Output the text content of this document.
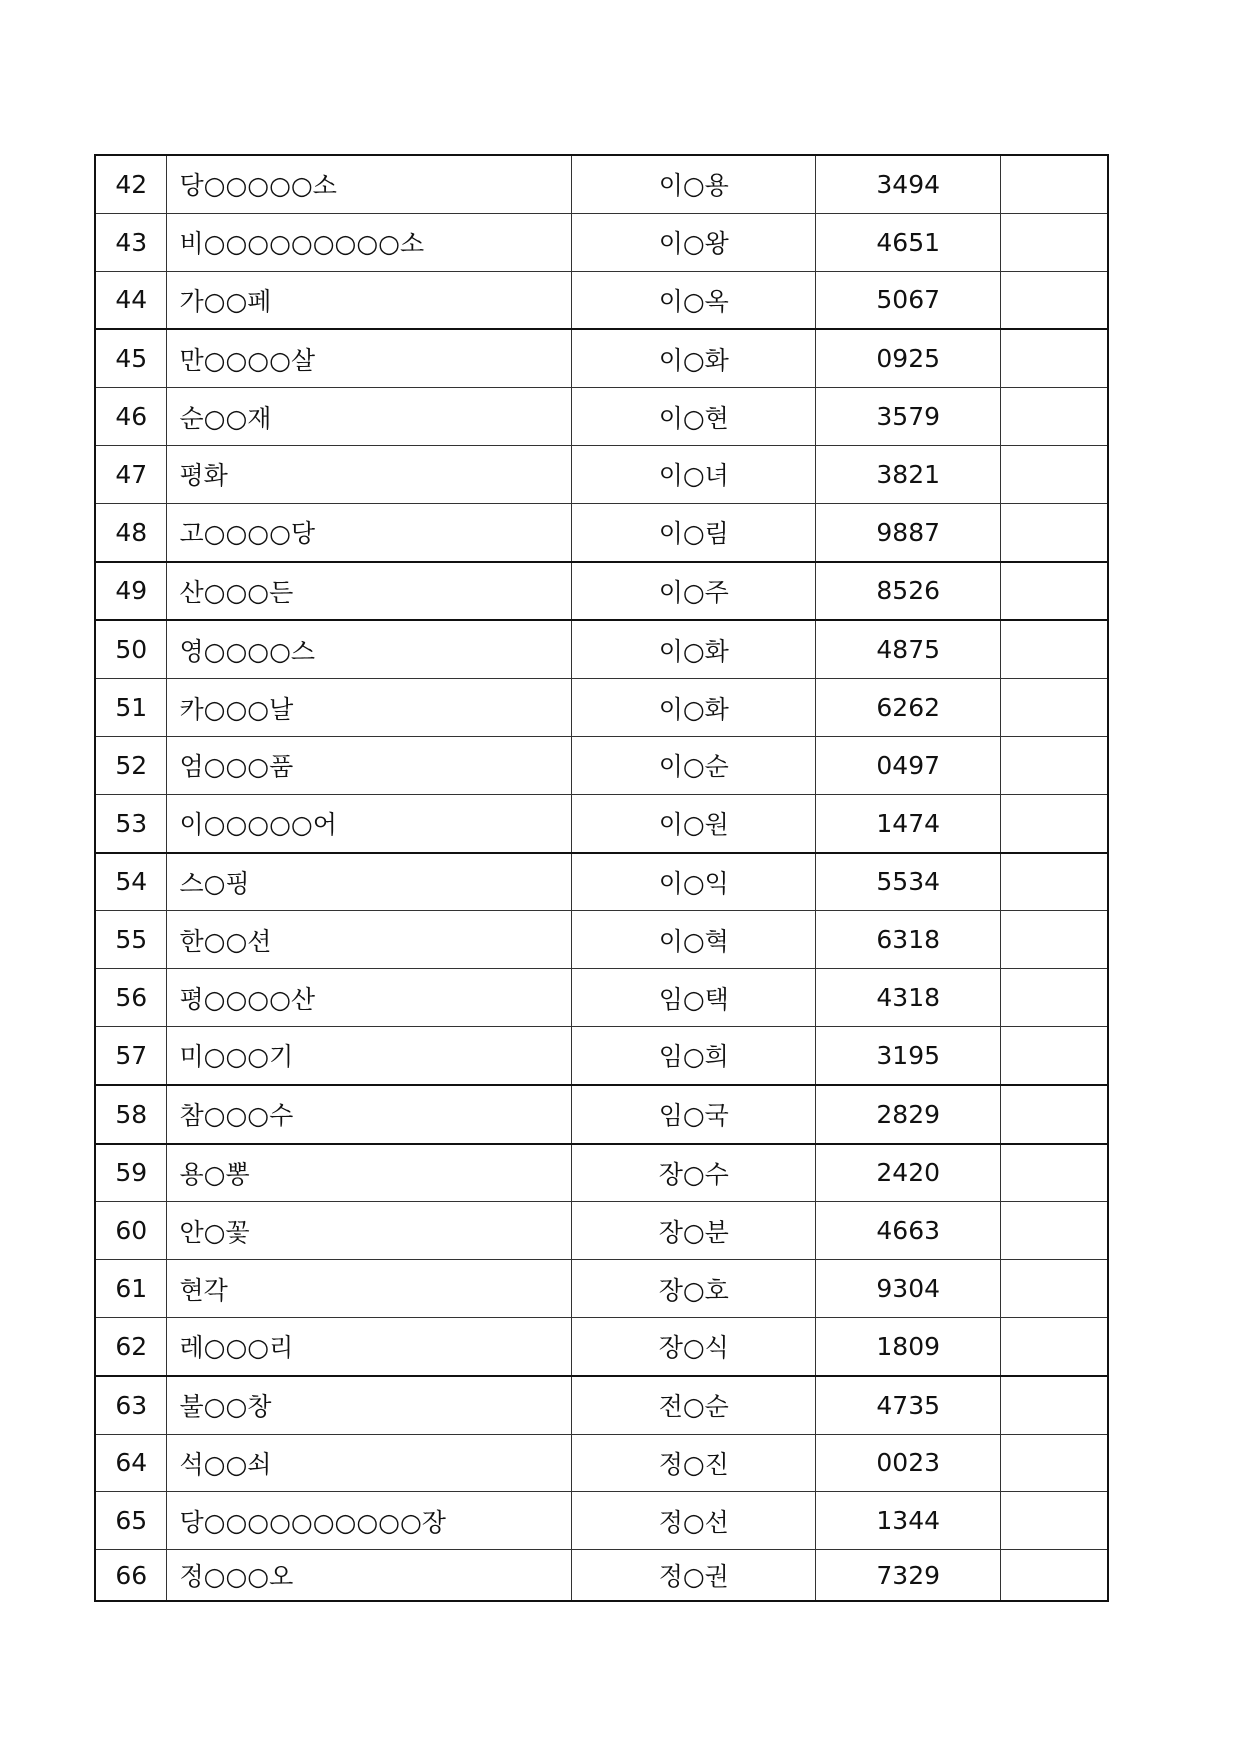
42	당○○○○○소	이○용	3494	
43	비○○○○○○○○○소	이○왕	4651	
44	가○○페	이○옥	5067	
45	만○○○○살	이○화	0925	
46	순○○재	이○현	3579	
47	평화	이○녀	3821	
48	고○○○○당	이○림	9887	
49	산○○○든	이○주	8526	
50	영○○○○스	이○화	4875	
51	카○○○날	이○화	6262	
52	엄○○○품	이○순	0497	
53	이○○○○○어	이○원	1474	
54	스○핑	이○익	5534	
55	한○○션	이○혁	6318	
56	평○○○○산	임○택	4318	
57	미○○○기	임○희	3195	
58	참○○○수	임○국	2829	
59	용○뽕	장○수	2420	
60	안○꽃	장○분	4663	
61	현각	장○호	9304	
62	레○○○리	장○식	1809	
63	불○○창	전○순	4735	
64	석○○쇠	정○진	0023	
65	당○○○○○○○○○○장	정○선	1344	
66	정○○○오	정○권	7329	
